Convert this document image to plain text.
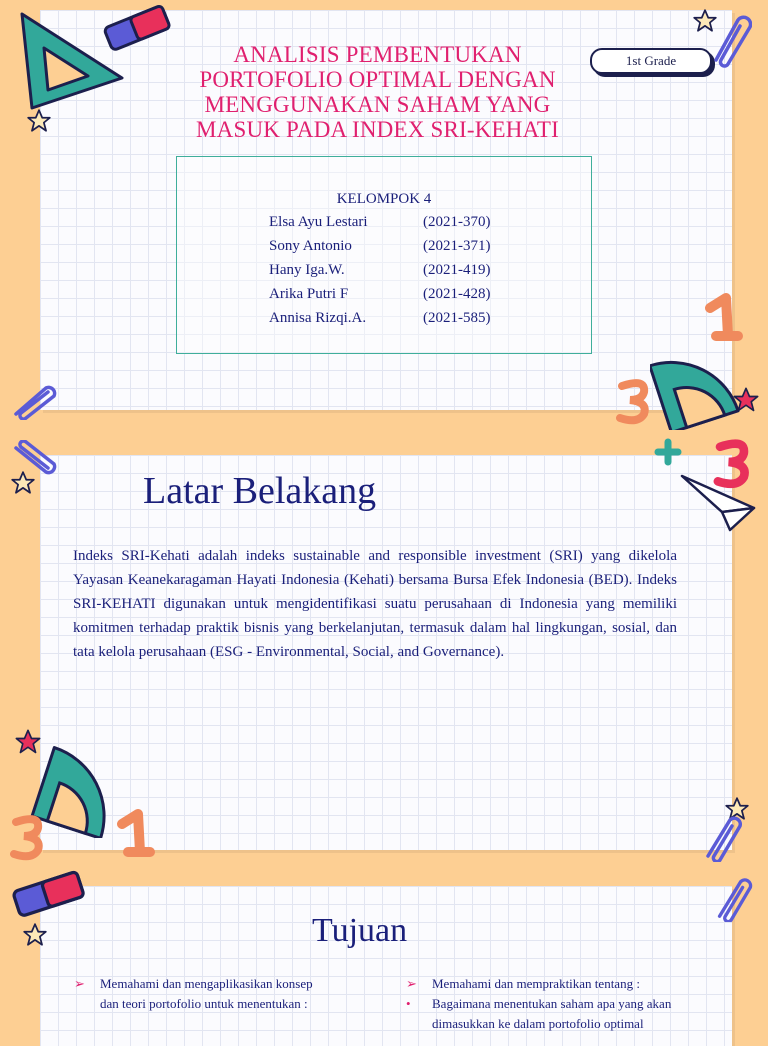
ANALISIS PEMBENTUKAN PORTOFOLIO OPTIMAL DENGAN MENGGUNAKAN SAHAM YANG MASUK PADA INDEX SRI-KEHATI
1st Grade
KELOMPOK 4
Elsa Ayu Lestari	(2021-370)
Sony Antonio	(2021-371)
Hany Iga.W.	(2021-419)
Arika Putri F	(2021-428)
Annisa Rizqi.A.	(2021-585)
Latar Belakang

Indeks SRI-Kehati adalah indeks sustainable and responsible investment (SRI) yang dikelola Yayasan Keanekaragaman Hayati Indonesia (Kehati) bersama Bursa Efek Indonesia (BED). Indeks SRI-KEHATI digunakan untuk mengidentifikasi suatu perusahaan di Indonesia yang memiliki komitmen terhadap praktik bisnis yang berkelanjutan, termasuk dalam hal lingkungan, sosial, dan tata kelola perusahaan (ESG - Environmental, Social, and Governance).

Tujuan
➢ Memahami dan mengaplikasikan konsep dan teori portofolio untuk menentukan :
➢ Memahami dan mempraktikan tentang :
• Bagaimana menentukan saham apa yang akan dimasukkan ke dalam portofolio optimal
